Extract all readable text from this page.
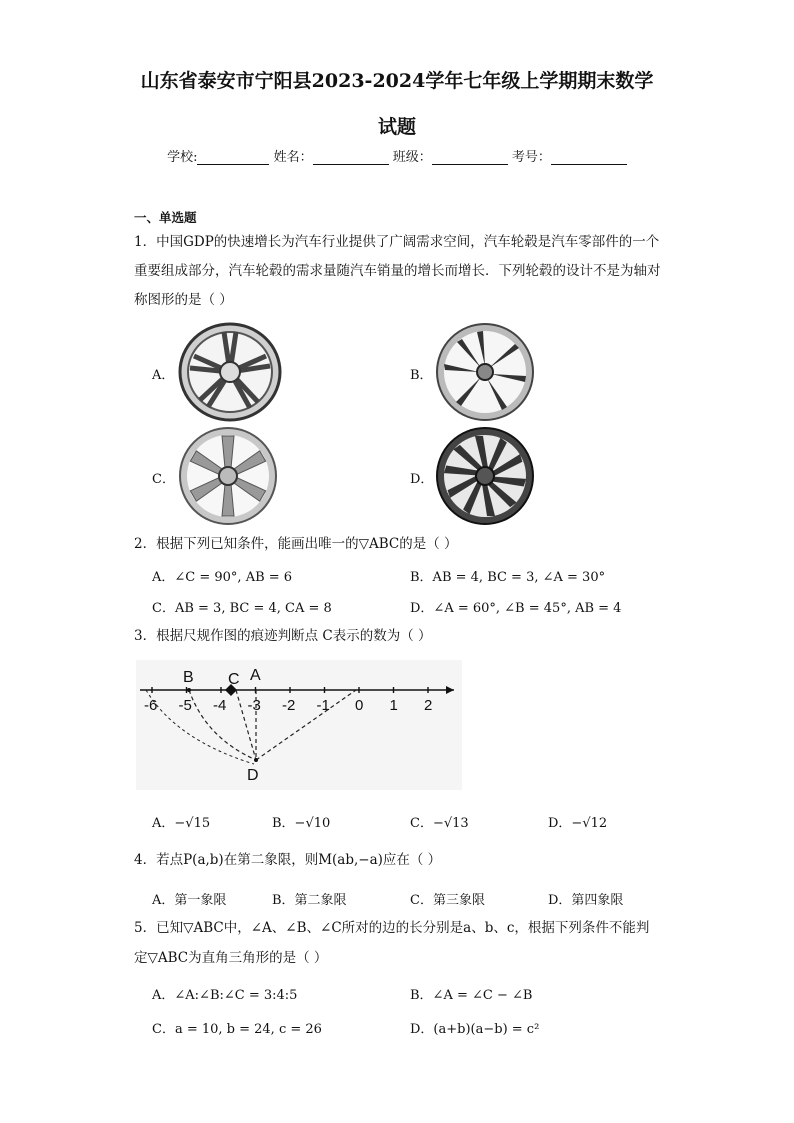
山东省泰安市宁阳县2023-2024学年七年级上学期期末数学
试题
学校:	姓名：	班级：	考号：
一、单选题
1．中国GDP的快速增长为汽车行业提供了广阔需求空间，汽车轮毂是汽车零部件的一个重要组成部分，汽车轮毂的需求量随汽车销量的增长而增长．下列轮毂的设计不是为轴对称图形的是（ ）
A．	B．
C．	D．
2．根据下列已知条件，能画出唯一的▽ABC的是（ ）
A．∠C = 90°, AB = 6	B．AB = 4, BC = 3, ∠A = 30°
C．AB = 3, BC = 4, CA = 8	D．∠A = 60°, ∠B = 45°, AB = 4
3．根据尺规作图的痕迹判断点 C表示的数为（ ）
-6 -5 -4 -3 -2 -1 0 1 2
B C A
D
A．−√15	B．−√10	C．−√13	D．−√12
4．若点P(a,b)在第二象限，则M(ab,−a)应在（ ）
A．第一象限	B．第二象限	C．第三象限	D．第四象限
5．已知▽ABC中，∠A、∠B、∠C所对的边的长分别是a、b、c，根据下列条件不能判
定▽ABC为直角三角形的是（ ）
A．∠A:∠B:∠C = 3:4:5	B．∠A = ∠C − ∠B
C．a = 10, b = 24, c = 26	D．(a+b)(a−b) = c²
